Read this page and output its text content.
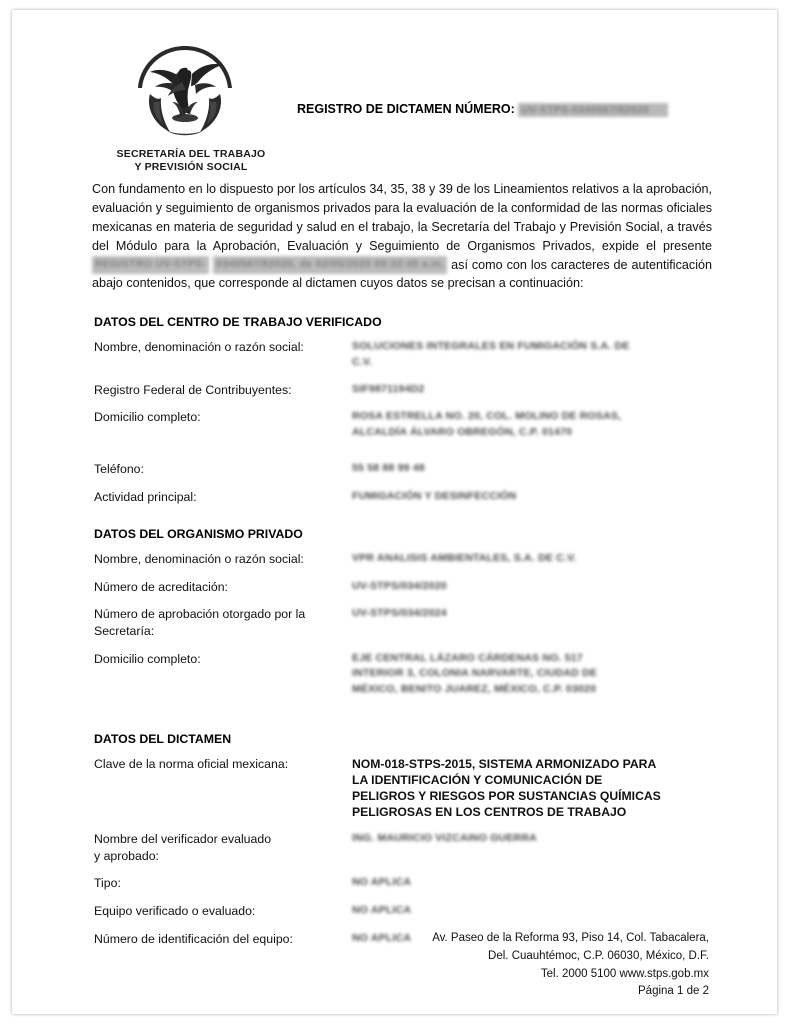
SECRETARÍA DEL TRABAJO
Y PREVISIÓN SOCIAL
REGISTRO DE DICTAMEN NÚMERO: UV-STPS-0340567/82020
Con fundamento en lo dispuesto por los artículos 34, 35, 38 y 39 de los Lineamientos relativos a la aprobación, evaluación y seguimiento de organismos privados para la evaluación de la conformidad de las normas oficiales mexicanas en materia de seguridad y salud en el trabajo, la Secretaría del Trabajo y Previsión Social, a través del Módulo para la Aprobación, Evaluación y Seguimiento de Organismos Privados, expide el presente REGISTRO UV-STPS- 0340567/82020, de 02/05/2020 09:32:45 a.m. así como con los caracteres de autentificación abajo contenidos, que corresponde al dictamen cuyos datos se precisan a continuación:
DATOS DEL CENTRO DE TRABAJO VERIFICADO
Nombre, denominación o razón social:	SOLUCIONES INTEGRALES EN FUMIGACIÓN S.A. DE
C.V.
Registro Federal de Contribuyentes:	SIF9871194D2
Domicilio completo:	ROSA ESTRELLA NO. 20, COL. MOLINO DE ROSAS,
ALCALDÍA ÁLVARO OBREGÓN, C.P. 01470
Teléfono:	55 58 88 99 48
Actividad principal:	FUMIGACIÓN Y DESINFECCIÓN
DATOS DEL ORGANISMO PRIVADO
Nombre, denominación o razón social:	VPR ANALISIS AMBIENTALES, S.A. DE C.V.
Número de acreditación:	UV-STPS/034/2020
Número de aprobación otorgado por la Secretaría:
UV-STPS/034/2024
Domicilio completo:	EJE CENTRAL LÁZARO CÁRDENAS NO. 517
INTERIOR 3, COLONIA NARVARTE, CIUDAD DE
MÉXICO, BENITO JUAREZ, MÉXICO, C.P. 03020
DATOS DEL DICTAMEN
Clave de la norma oficial mexicana:	NOM-018-STPS-2015, SISTEMA ARMONIZADO PARA
LA IDENTIFICACIÓN Y COMUNICACIÓN DE
PELIGROS Y RIESGOS POR SUSTANCIAS QUÍMICAS
PELIGROSAS EN LOS CENTROS DE TRABAJO
Nombre del verificador evaluado
y aprobado:
ING. MAURICIO VIZCAINO GUERRA
Tipo:	NO APLICA
Equipo verificado o evaluado:	NO APLICA
Número de identificación del equipo:	NO APLICA	Av. Paseo de la Reforma 93, Piso 14, Col. Tabacalera,
Del. Cuauhtémoc, C.P. 06030, México, D.F.
Tel. 2000 5100 www.stps.gob.mx
Página 1 de 2
